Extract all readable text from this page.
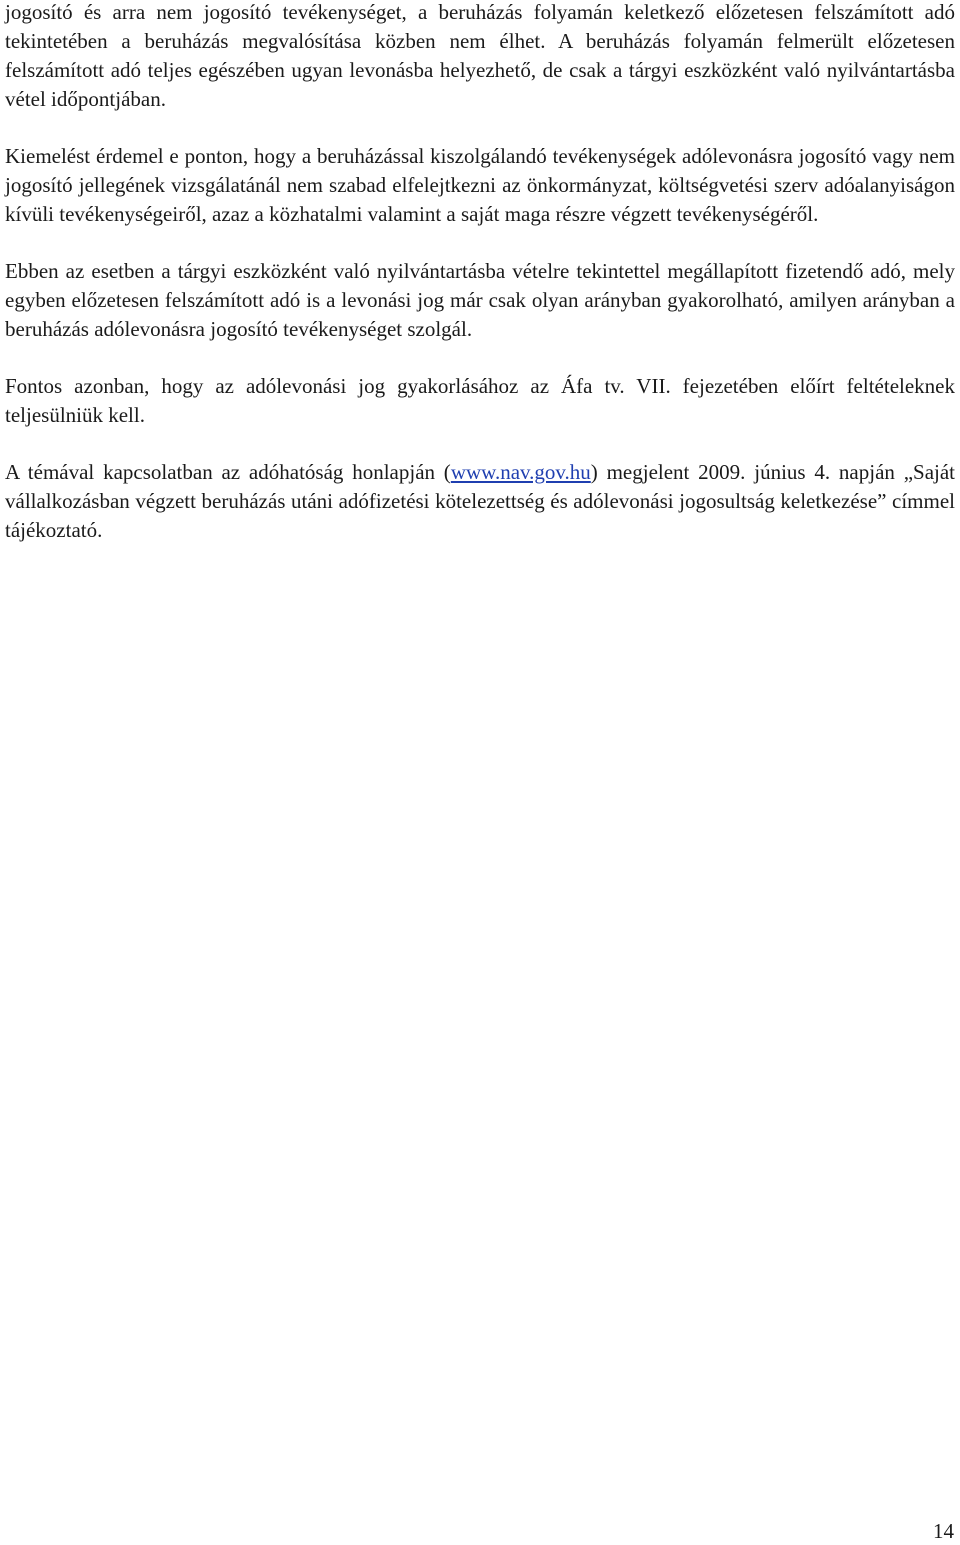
jogosító és arra nem jogosító tevékenységet, a beruházás folyamán keletkező előzetesen felszámított adó tekintetében a beruházás megvalósítása közben nem élhet. A beruházás folyamán felmerült előzetesen felszámított adó teljes egészében ugyan levonásba helyezhető, de csak a tárgyi eszközként való nyilvántartásba vétel időpontjában.

Kiemelést érdemel e ponton, hogy a beruházással kiszolgálandó tevékenységek adólevonásra jogosító vagy nem jogosító jellegének vizsgálatánál nem szabad elfelejtkezni az önkormányzat, költségvetési szerv adóalanyiságon kívüli tevékenységeiről, azaz a közhatalmi valamint a saját maga részre végzett tevékenységéről.

Ebben az esetben a tárgyi eszközként való nyilvántartásba vételre tekintettel megállapított fizetendő adó, mely egyben előzetesen felszámított adó is a levonási jog már csak olyan arányban gyakorolható, amilyen arányban a beruházás adólevonásra jogosító tevékenységet szolgál.

Fontos azonban, hogy az adólevonási jog gyakorlásához az Áfa tv. VII. fejezetében előírt feltételeknek teljesülniük kell.

A témával kapcsolatban az adóhatóság honlapján (www.nav.gov.hu) megjelent 2009. június 4. napján „Saját vállalkozásban végzett beruházás utáni adófizetési kötelezettség és adólevonási jogosultság keletkezése” címmel tájékoztató.

14
